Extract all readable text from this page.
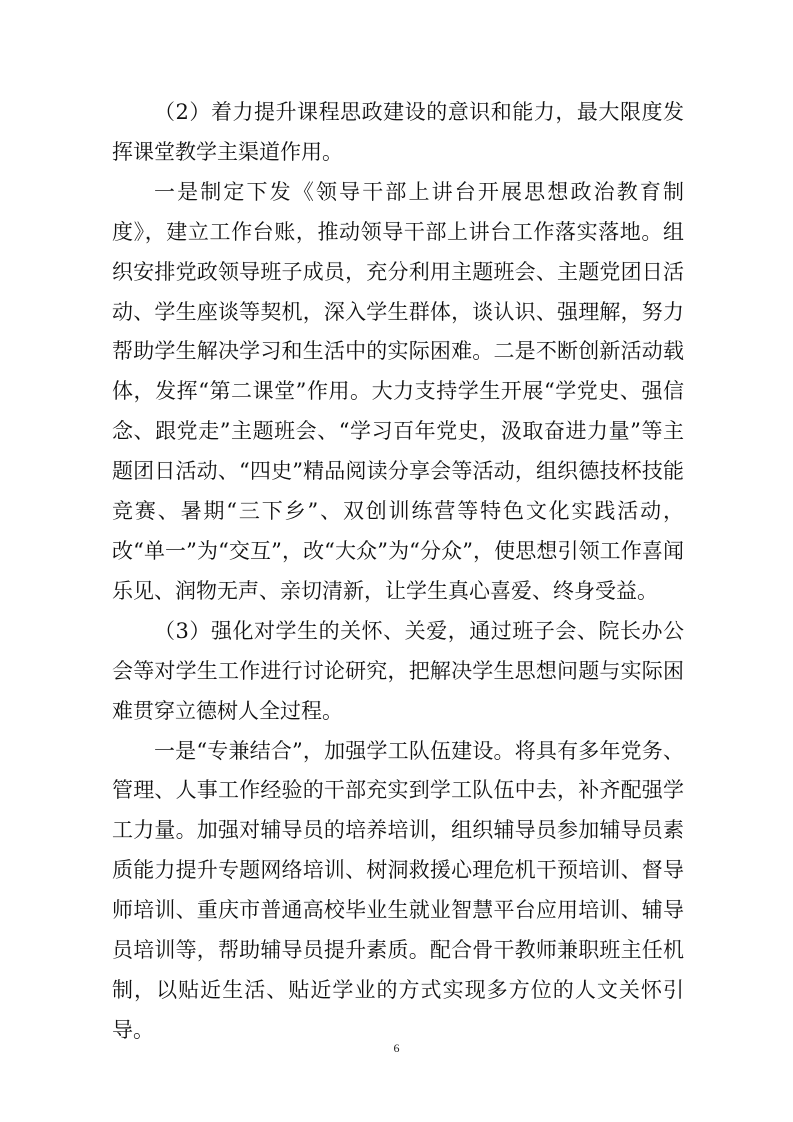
（2）着力提升课程思政建设的意识和能力，最大限度发挥课堂教学主渠道作用。

一是制定下发《领导干部上讲台开展思想政治教育制度》，建立工作台账，推动领导干部上讲台工作落实落地。组织安排党政领导班子成员，充分利用主题班会、主题党团日活动、学生座谈等契机，深入学生群体，谈认识、强理解，努力帮助学生解决学习和生活中的实际困难。二是不断创新活动载体，发挥“第二课堂”作用。大力支持学生开展“学党史、强信念、跟党走”主题班会、“学习百年党史，汲取奋进力量”等主题团日活动、“四史”精品阅读分享会等活动，组织德技杯技能竞赛、暑期“三下乡”、双创训练营等特色文化实践活动，改“单一”为“交互”，改“大众”为“分众”，使思想引领工作喜闻乐见、润物无声、亲切清新，让学生真心喜爱、终身受益。

（3）强化对学生的关怀、关爱，通过班子会、院长办公会等对学生工作进行讨论研究，把解决学生思想问题与实际困难贯穿立德树人全过程。

一是“专兼结合”，加强学工队伍建设。将具有多年党务、管理、人事工作经验的干部充实到学工队伍中去，补齐配强学工力量。加强对辅导员的培养培训，组织辅导员参加辅导员素质能力提升专题网络培训、树洞救援心理危机干预培训、督导师培训、重庆市普通高校毕业生就业智慧平台应用培训、辅导员培训等，帮助辅导员提升素质。配合骨干教师兼职班主任机制，以贴近生活、贴近学业的方式实现多方位的人文关怀引导。

6
